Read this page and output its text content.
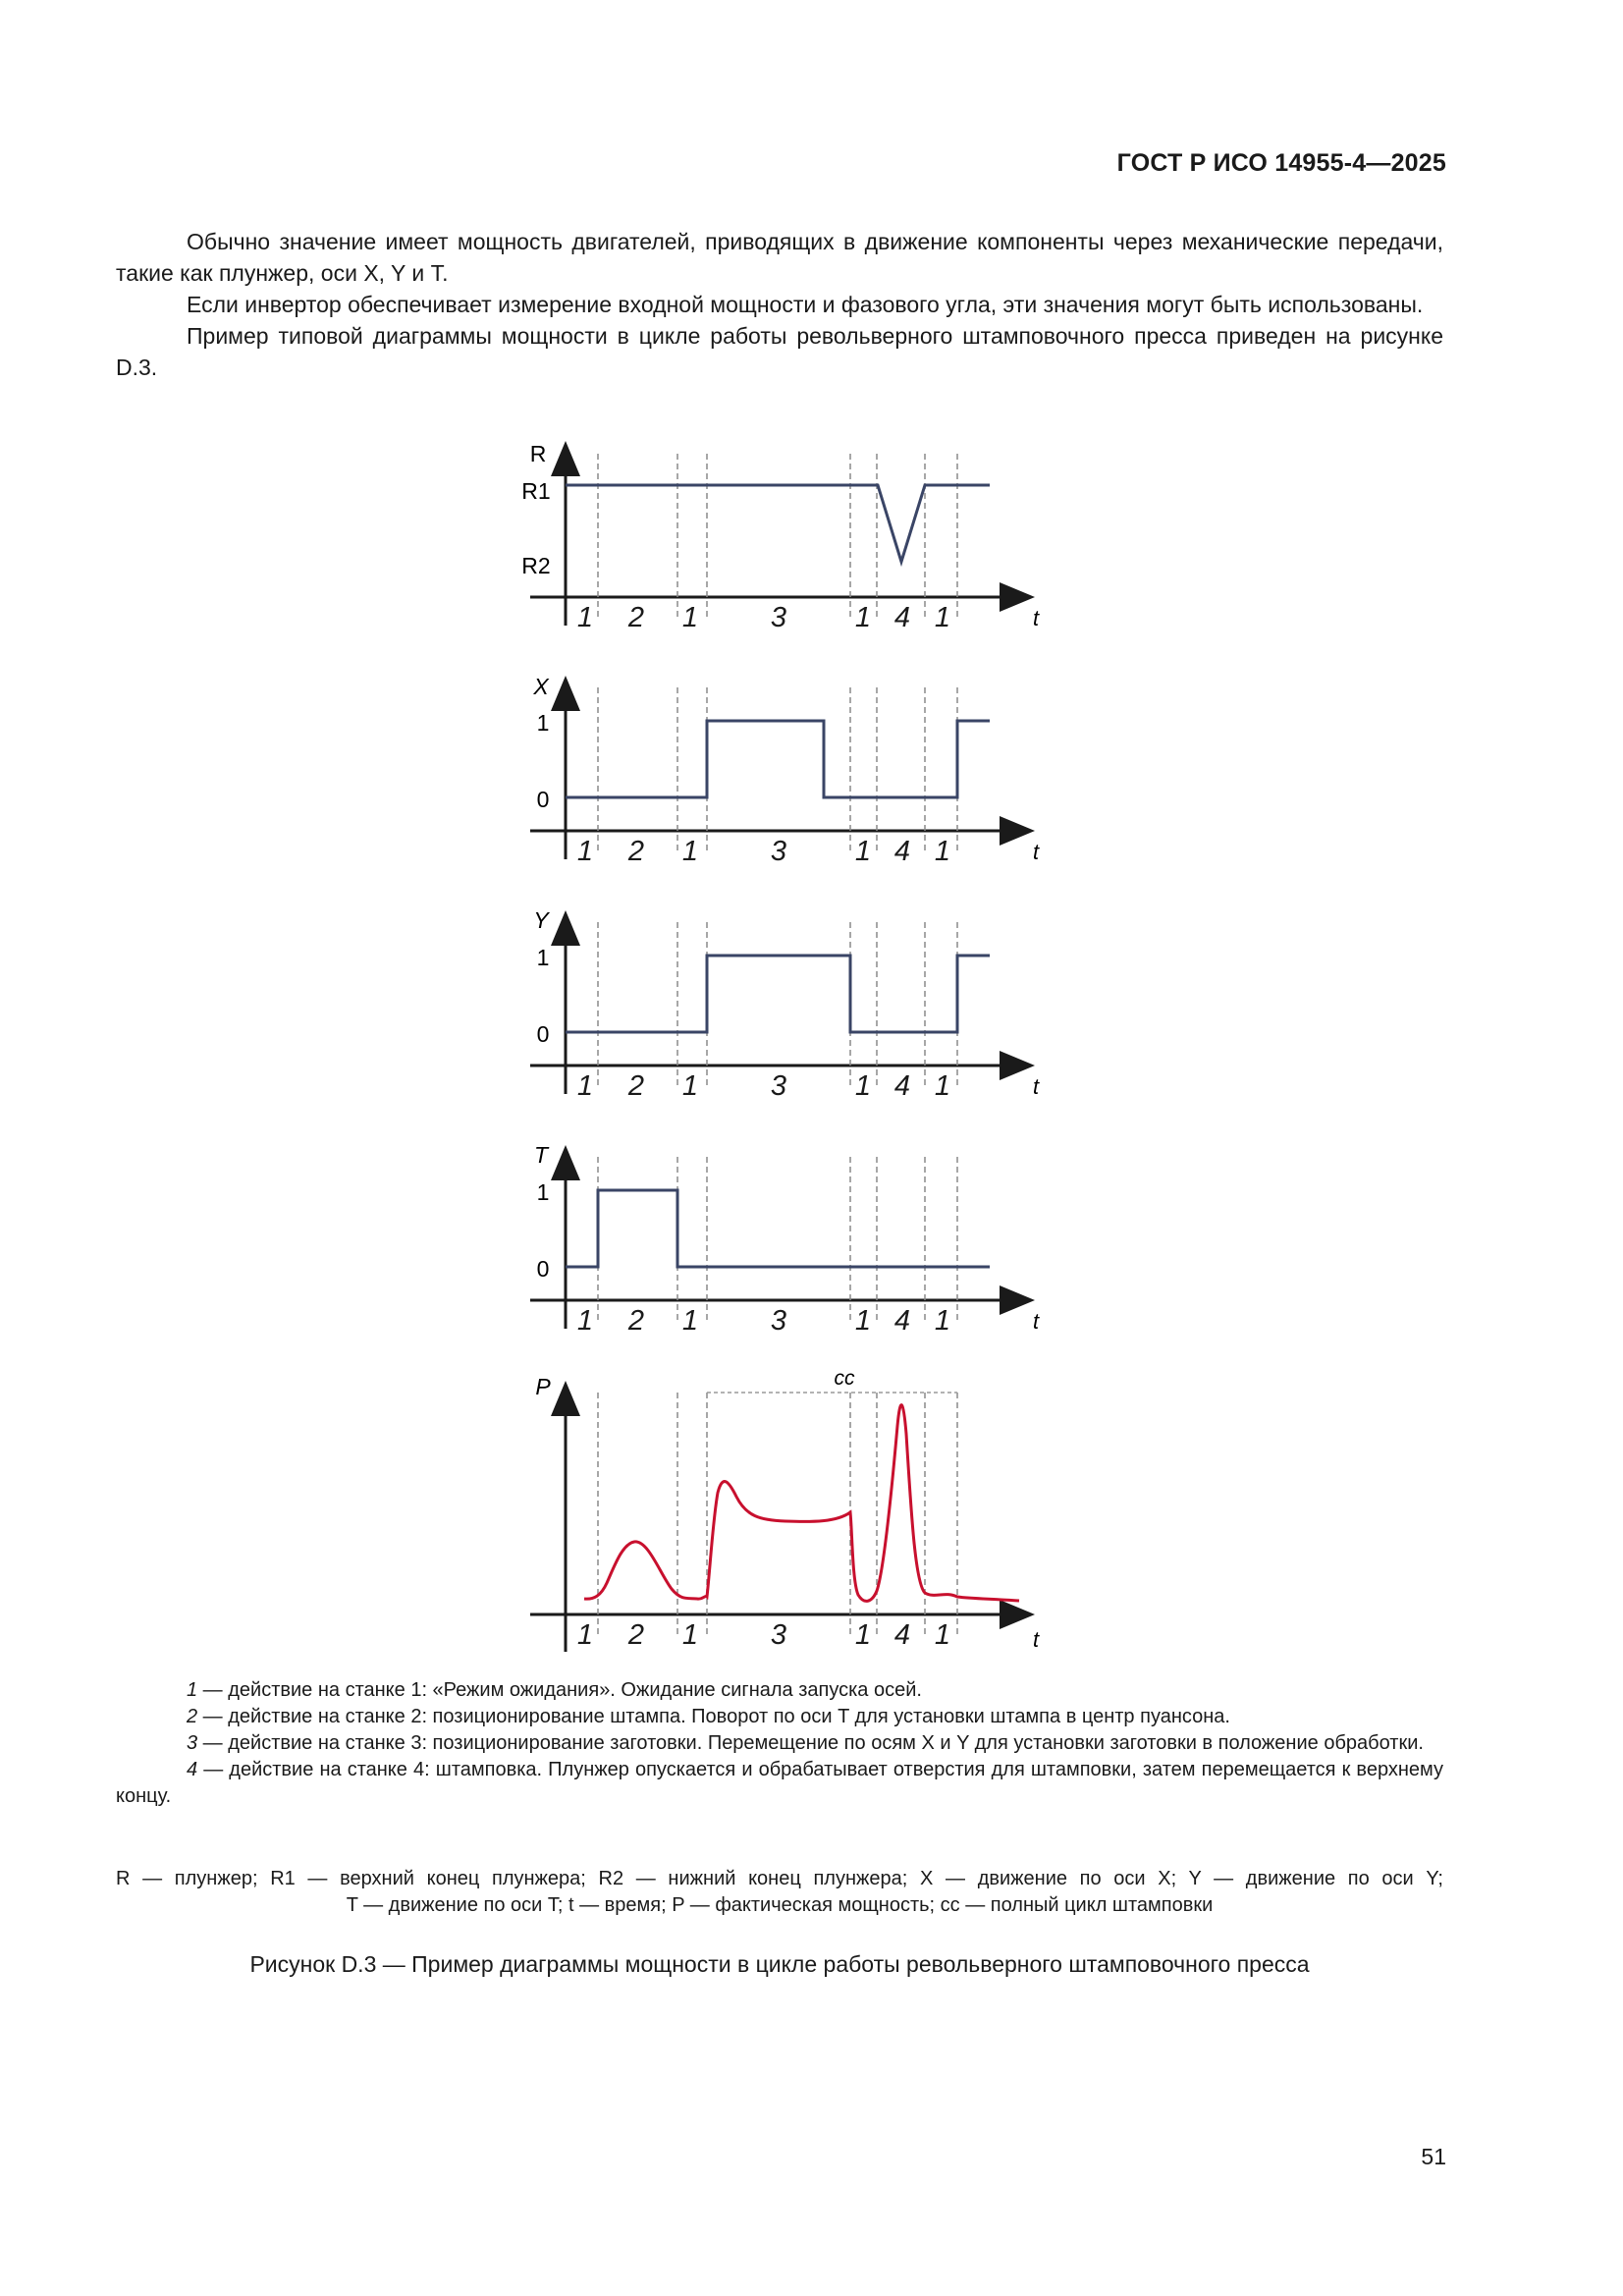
ГОСТ Р ИСО 14955-4—2025

Обычно значение имеет мощность двигателей, приводящих в движение компоненты через механические передачи, такие как плунжер, оси X, Y и T.

Если инвертор обеспечивает измерение входной мощности и фазового угла, эти значения могут быть использованы.

Пример типовой диаграммы мощности в цикле работы револьверного штамповочного пресса приведен на рисунке D.3.

R
R1
R2
t
1 2 1	3 1 4 1
X
1
0
t
1 2 1	3 1 4 1
Y
1
0
t
1 2 1	3 1 4 1
T
1
0
t
1 2 1	3 1 4 1
P
t
1 2 1	3 1 4 1
cc

1 — действие на станке 1: «Режим ожидания». Ожидание сигнала запуска осей.

2 — действие на станке 2: позиционирование штампа. Поворот по оси T для установки штампа в центр пуансона.

3 — действие на станке 3: позиционирование заготовки. Перемещение по осям X и Y для установки заготовки в положение обработки.

4 — действие на станке 4: штамповка. Плунжер опускается и обрабатывает отверстия для штамповки, затем перемещается к верхнему концу.

R — плунжер; R1 — верхний конец плунжера; R2 — нижний конец плунжера; X — движение по оси X; Y — движение по оси Y;
T — движение по оси T; t — время; P — фактическая мощность; cc — полный цикл штамповки
Рисунок D.3 — Пример диаграммы мощности в цикле работы револьверного штамповочного пресса
51
